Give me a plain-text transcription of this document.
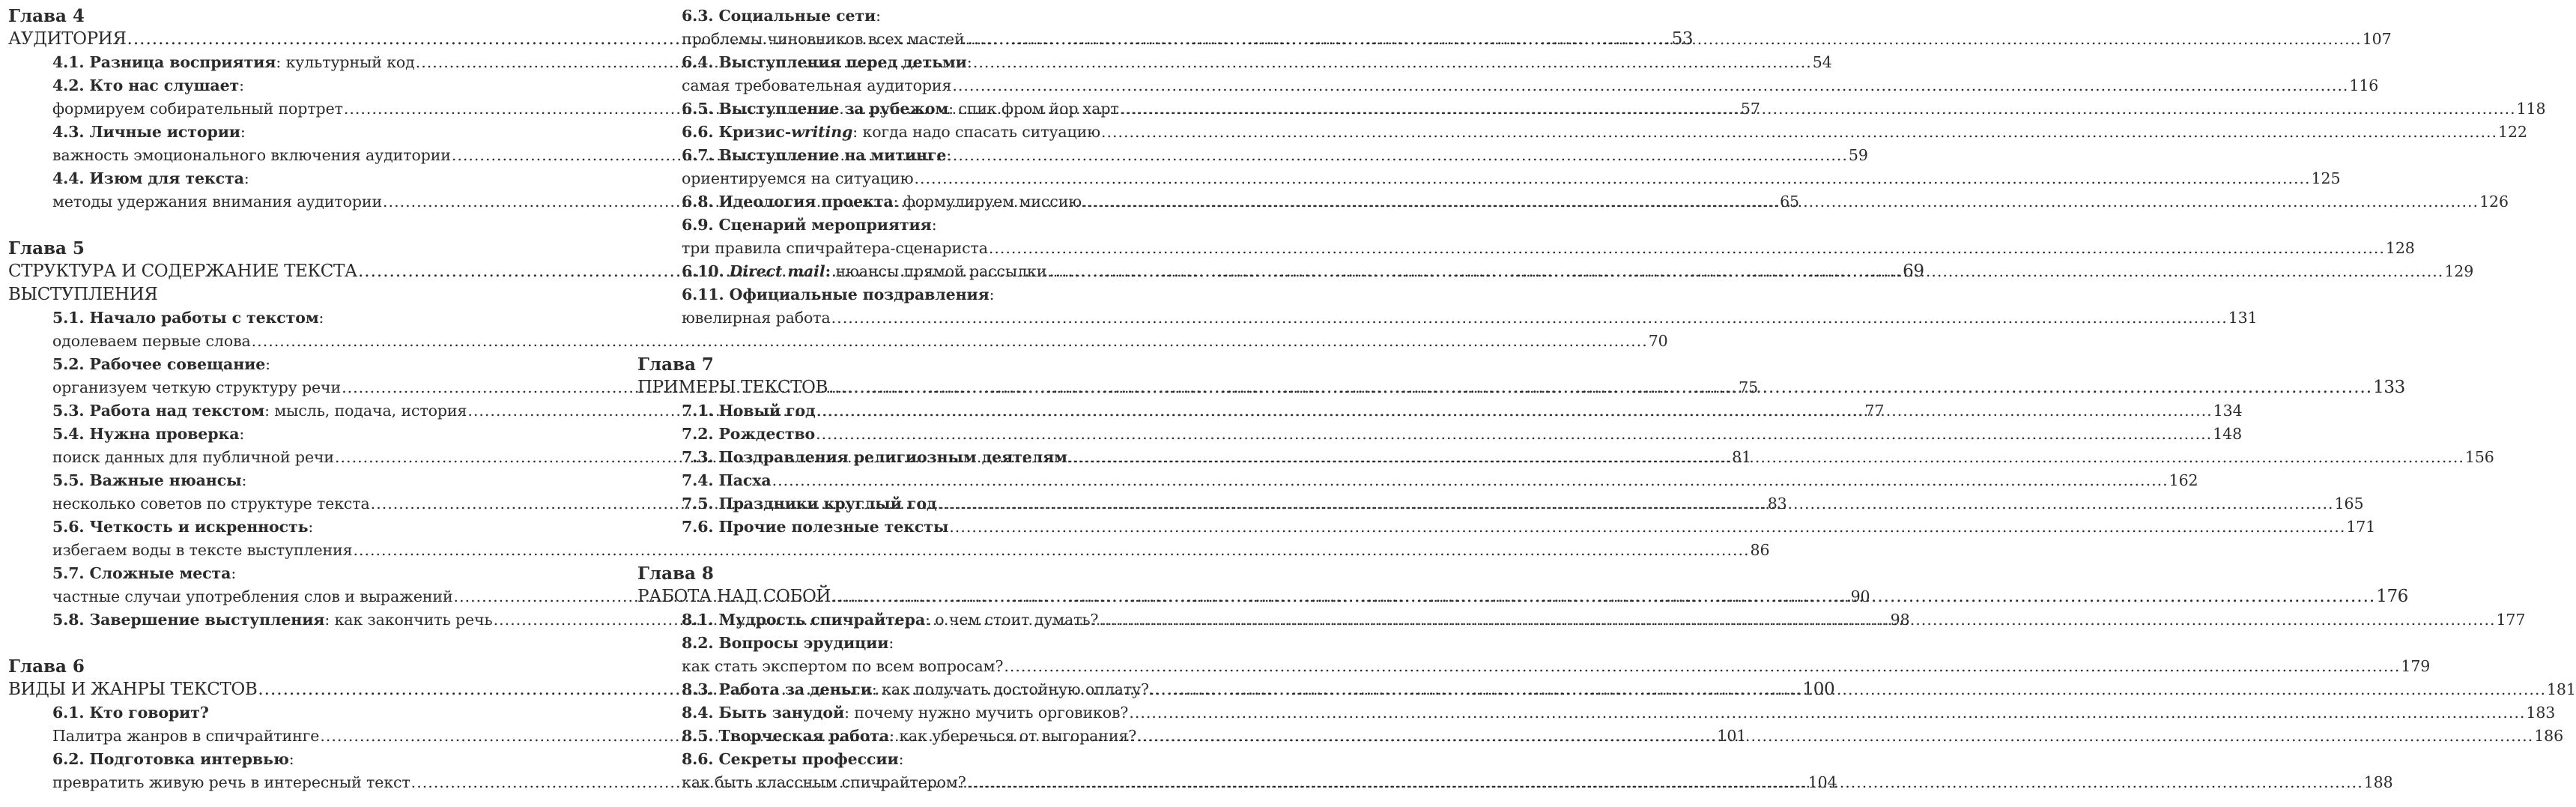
Глава 4
АУДИТОРИЯ .....	53
4.1. Разница восприятия: культурный код .....	54
4.2. Кто нас слушает:
формируем собирательный портрет .....	57
4.3. Личные истории:
важность эмоционального включения аудитории .....	59
4.4. Изюм для текста:
методы удержания внимания аудитории .....	65
Глава 5
СТРУКТУРА И СОДЕРЖАНИЕ ТЕКСТА .....	69
ВЫСТУПЛЕНИЯ
5.1. Начало работы с текстом:
одолеваем первые слова .....	70
5.2. Рабочее совещание:
организуем четкую структуру речи .....	75
5.3. Работа над текстом: мысль, подача, история .....	77
5.4. Нужна проверка:
поиск данных для публичной речи .....	81
5.5. Важные нюансы:
несколько советов по структуре текста .....	83
5.6. Четкость и искренность:
избегаем воды в тексте выступления .....	86
5.7. Сложные места:
частные случаи употребления слов и выражений .....	90
5.8. Завершение выступления: как закончить речь .....	98
Глава 6
ВИДЫ И ЖАНРЫ ТЕКСТОВ .....	100
6.1. Кто говорит?
Палитра жанров в спичрайтинге .....	101
6.2. Подготовка интервью:
превратить живую речь в интересный текст .....	104
6.3. Социальные сети:
проблемы чиновников всех мастей .....	107
6.4. Выступления перед детьми:
самая требовательная аудитория .....	116
6.5. Выступление за рубежом: спик фром йор харт .....	118
6.6. Кризис-writing: когда надо спасать ситуацию .....	122
6.7. Выступление на митинге:
ориентируемся на ситуацию .....	125
6.8. Идеология проекта: формулируем миссию .....	126
6.9. Сценарий мероприятия:
три правила спичрайтера-сценариста .....	128
6.10. Direct mail: нюансы прямой рассылки .....	129
6.11. Официальные поздравления:
ювелирная работа .....	131
Глава 7
ПРИМЕРЫ ТЕКСТОВ .....	133
7.1. Новый год .....	134
7.2. Рождество .....	148
7.3. Поздравления религиозным деятелям .....	156
7.4. Пасха .....	162
7.5. Праздники круглый год .....	165
7.6. Прочие полезные тексты .....	171
Глава 8
РАБОТА НАД СОБОЙ .....	176
8.1. Мудрость спичрайтера: о чем стоит думать? .....	177
8.2. Вопросы эрудиции:
как стать экспертом по всем вопросам? .....	179
8.3. Работа за деньги: как получать достойную оплату? .....	181
8.4. Быть занудой: почему нужно мучить орговиков? .....	183
8.5. Творческая работа: как уберечься от выгорания? .....	186
8.6. Секреты профессии:
как быть классным спичрайтером? .....	188
